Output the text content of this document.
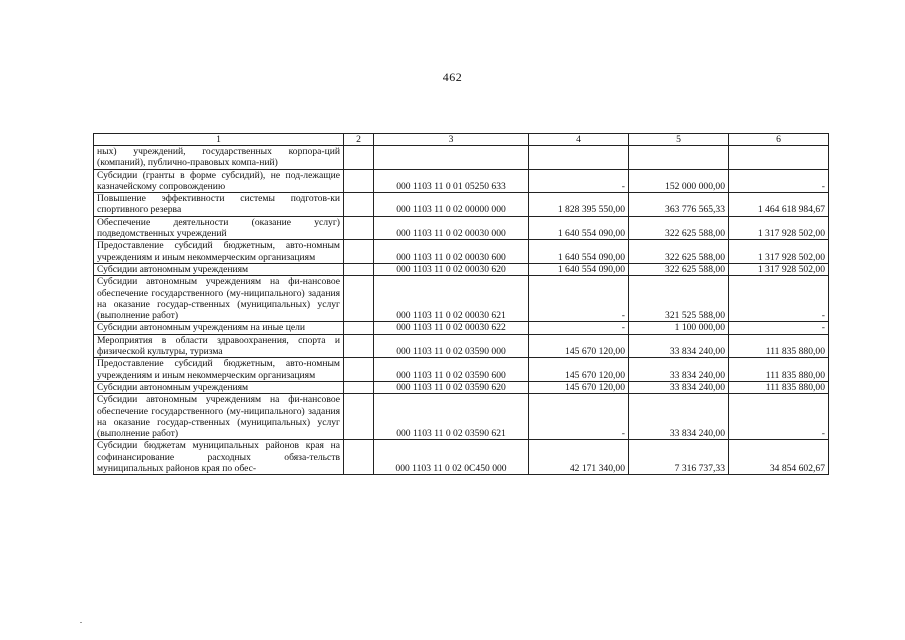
462
1	2	3	4	5	6
ных) учреждений, государственных корпора-ций (компаний), публично-правовых компа-ний)					
Субсидии (гранты в форме субсидий), не под-лежащие казначейскому сопровождению		000 1103 11 0 01 05250 633	-	152 000 000,00	-
Повышение эффективности системы подготов-ки спортивного резерва		000 1103 11 0 02 00000 000	1 828 395 550,00	363 776 565,33	1 464 618 984,67
Обеспечение деятельности (оказание услуг) подведомственных учреждений		000 1103 11 0 02 00030 000	1 640 554 090,00	322 625 588,00	1 317 928 502,00
Предоставление субсидий бюджетным, авто-номным учреждениям и иным некоммерческим организациям		000 1103 11 0 02 00030 600	1 640 554 090,00	322 625 588,00	1 317 928 502,00
Субсидии автономным учреждениям		000 1103 11 0 02 00030 620	1 640 554 090,00	322 625 588,00	1 317 928 502,00
Субсидии автономным учреждениям на фи-нансовое обеспечение государственного (му-ниципального) задания на оказание государ-ственных (муниципальных) услуг (выполнение работ)		000 1103 11 0 02 00030 621	-	321 525 588,00	-
Субсидии автономным учреждениям на иные цели		000 1103 11 0 02 00030 622	-	1 100 000,00	-
Мероприятия в области здравоохранения, спорта и физической культуры, туризма		000 1103 11 0 02 03590 000	145 670 120,00	33 834 240,00	111 835 880,00
Предоставление субсидий бюджетным, авто-номным учреждениям и иным некоммерческим организациям		000 1103 11 0 02 03590 600	145 670 120,00	33 834 240,00	111 835 880,00
Субсидии автономным учреждениям		000 1103 11 0 02 03590 620	145 670 120,00	33 834 240,00	111 835 880,00
Субсидии автономным учреждениям на фи-нансовое обеспечение государственного (му-ниципального) задания на оказание государ-ственных (муниципальных) услуг (выполнение работ)		000 1103 11 0 02 03590 621	-	33 834 240,00	-
Субсидии бюджетам муниципальных районов края на софинансирование расходных обяза-тельств муниципальных районов края по обес-		000 1103 11 0 02 0С450 000	42 171 340,00	7 316 737,33	34 854 602,67
